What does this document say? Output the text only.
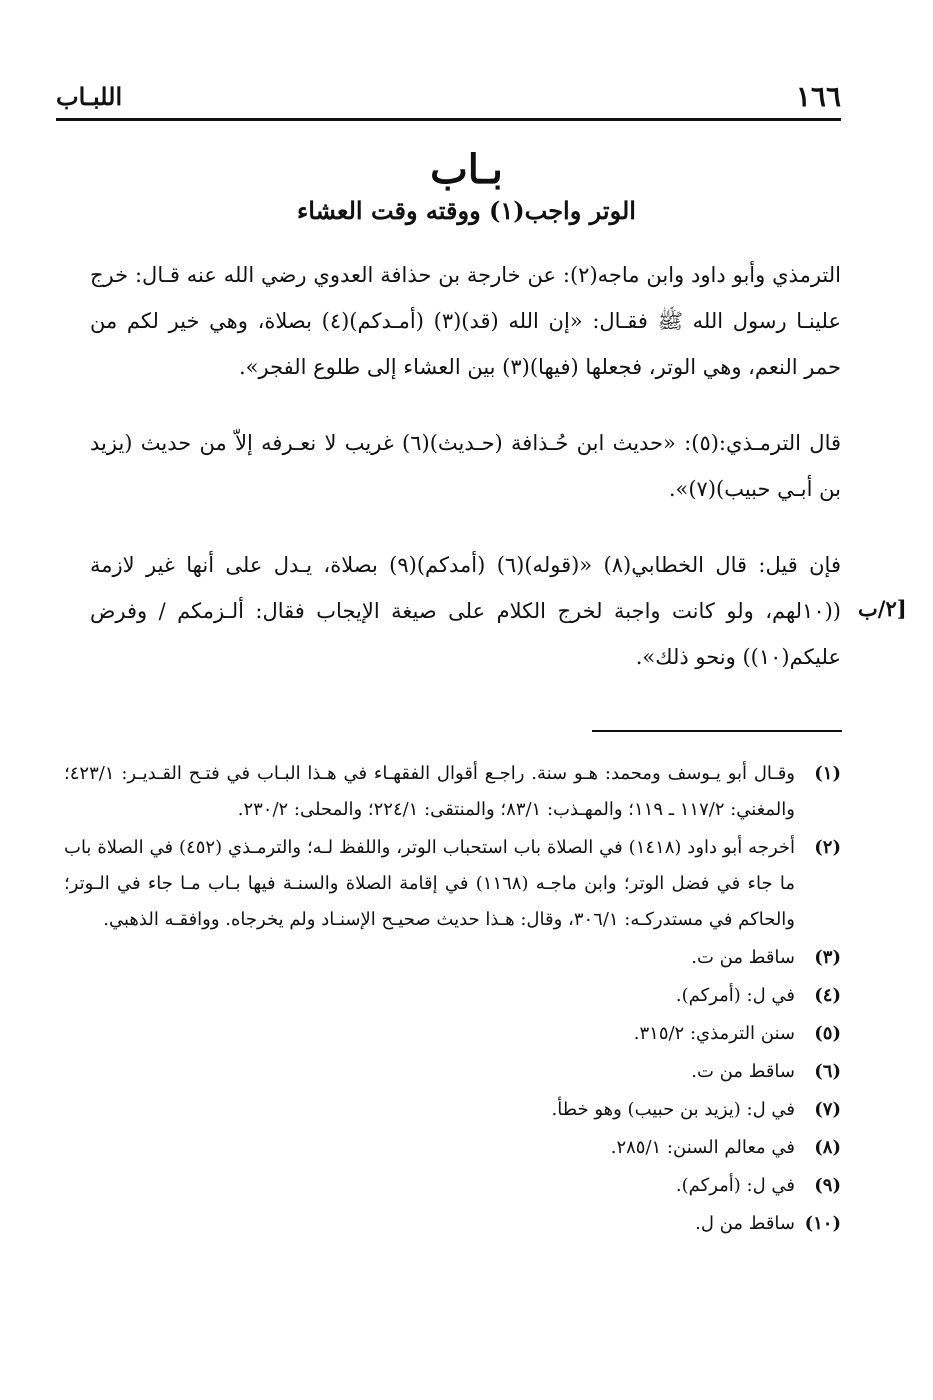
١٦٦
اللبـاب
بـاب
الوتر واجب(١) ووقته وقت العشاء
الترمذي وأبو داود وابن ماجه(٢): عن خارجة بن حذافة العدوي رضي الله عنه قـال: خرج علينـا رسول الله ﷺ فقـال: «إن الله (قد)(٣) (أمـدكم)(٤) بصلاة، وهي خير لكم من حمر النعم، وهي الوتر، فجعلها (فيها)(٣) بين العشاء إلى طلوع الفجر».
قال الترمـذي:(٥): «حديث ابن حُـذافة (حـديث)(٦) غريب لا نعـرفه إلاّ من حديث (يزيد بن أبـي حبيب)(٧)».
فإن قيل: قال الخطابي(٨) «(قوله)(٦) (أمدكم)(٩) بصلاة، يـدل على أنها غير لازمة ((١٠لهم، ولو كانت واجبة لخرج الكلام على صيغة الإيجاب فقال: ألـزمكم / وفرض عليكم(١٠)) ونحو ذلك».
٢/ب]
(١)
وقـال أبو يـوسف ومحمد: هـو سنة. راجـع أقوال الفقهـاء في هـذا البـاب في فتـح القـديـر: ٤٢٣/١؛ والمغني: ١١٧/٢ ـ ١١٩؛ والمهـذب: ٨٣/١؛ والمنتقى: ٢٢٤/١؛ والمحلى: ٢٣٠/٢.
(٢)
أخرجه أبو داود (١٤١٨) في الصلاة باب استحباب الوتر، واللفظ لـه؛ والترمـذي (٤٥٢) في الصلاة باب ما جاء في فضل الوتر؛ وابن ماجـه (١١٦٨) في إقامة الصلاة والسنـة فيها بـاب مـا جاء في الـوتر؛ والحاكم في مستدركـه: ٣٠٦/١، وقال: هـذا حديث صحيـح الإسنـاد ولم يخرجاه. ووافقـه الذهبي.
(٣)
ساقط من ت.
(٤)
في ل: (أمركم).
(٥)
سنن الترمذي: ٣١٥/٢.
(٦)
ساقط من ت.
(٧)
في ل: (يزيد بن حبيب) وهو خطأ.
(٨)
في معالم السنن: ٢٨٥/١.
(٩)
في ل: (أمركم).
(١٠)
ساقط من ل.
